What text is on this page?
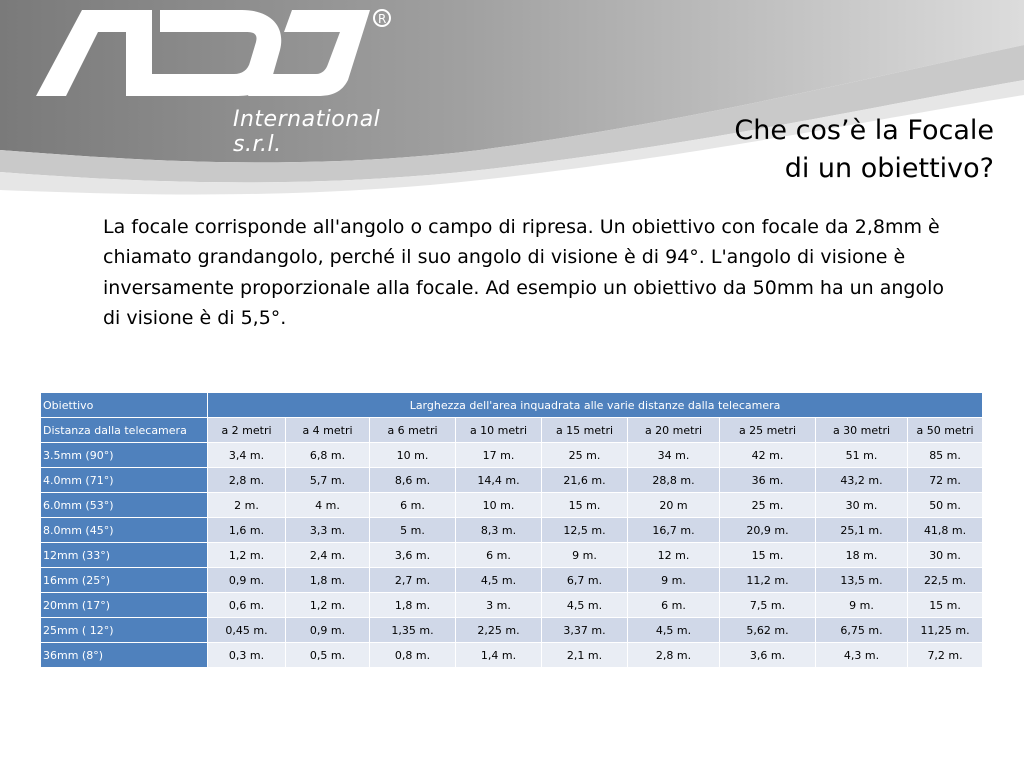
R
International s.r.l.	Che cos’è la Focale
di un obiettivo?

La focale corrisponde all'angolo o campo di ripresa. Un obiettivo con focale da 2,8mm è chiamato grandangolo, perché il suo angolo di visione è di 94°. L'angolo di visione è inversamente proporzionale alla focale. Ad esempio un obiettivo da 50mm ha un angolo di visione è di 5,5°.

Obiettivo	Larghezza dell'area inquadrata alle varie distanze dalla telecamera								
Distanza dalla telecamera	a 2 metri	a 4 metri	a 6 metri	a 10 metri	a 15 metri	a 20 metri	a 25 metri	a 30 metri	a 50 metri
3.5mm (90°)	3,4 m.	6,8 m.	10 m.	17 m.	25 m.	34 m.	42 m.	51 m.	85 m.
4.0mm (71°)	2,8 m.	5,7 m.	8,6 m.	14,4 m.	21,6 m.	28,8 m.	36 m.	43,2 m.	72 m.
6.0mm (53°)	2 m.	4 m.	6 m.	10 m.	15 m.	20 m	25 m.	30 m.	50 m.
8.0mm (45°)	1,6 m.	3,3 m.	5 m.	8,3 m.	12,5 m.	16,7 m.	20,9 m.	25,1 m.	41,8 m.
12mm (33°)	1,2 m.	2,4 m.	3,6 m.	6 m.	9 m.	12 m.	15 m.	18 m.	30 m.
16mm (25°)	0,9 m.	1,8 m.	2,7 m.	4,5 m.	6,7 m.	9 m.	11,2 m.	13,5 m.	22,5 m.
20mm (17°)	0,6 m.	1,2 m.	1,8 m.	3 m.	4,5 m.	6 m.	7,5 m.	9 m.	15 m.
25mm ( 12°)	0,45 m.	0,9 m.	1,35 m.	2,25 m.	3,37 m.	4,5 m.	5,62 m.	6,75 m.	11,25 m.
36mm (8°)	0,3 m.	0,5 m.	0,8 m.	1,4 m.	2,1 m.	2,8 m.	3,6 m.	4,3 m.	7,2 m.
